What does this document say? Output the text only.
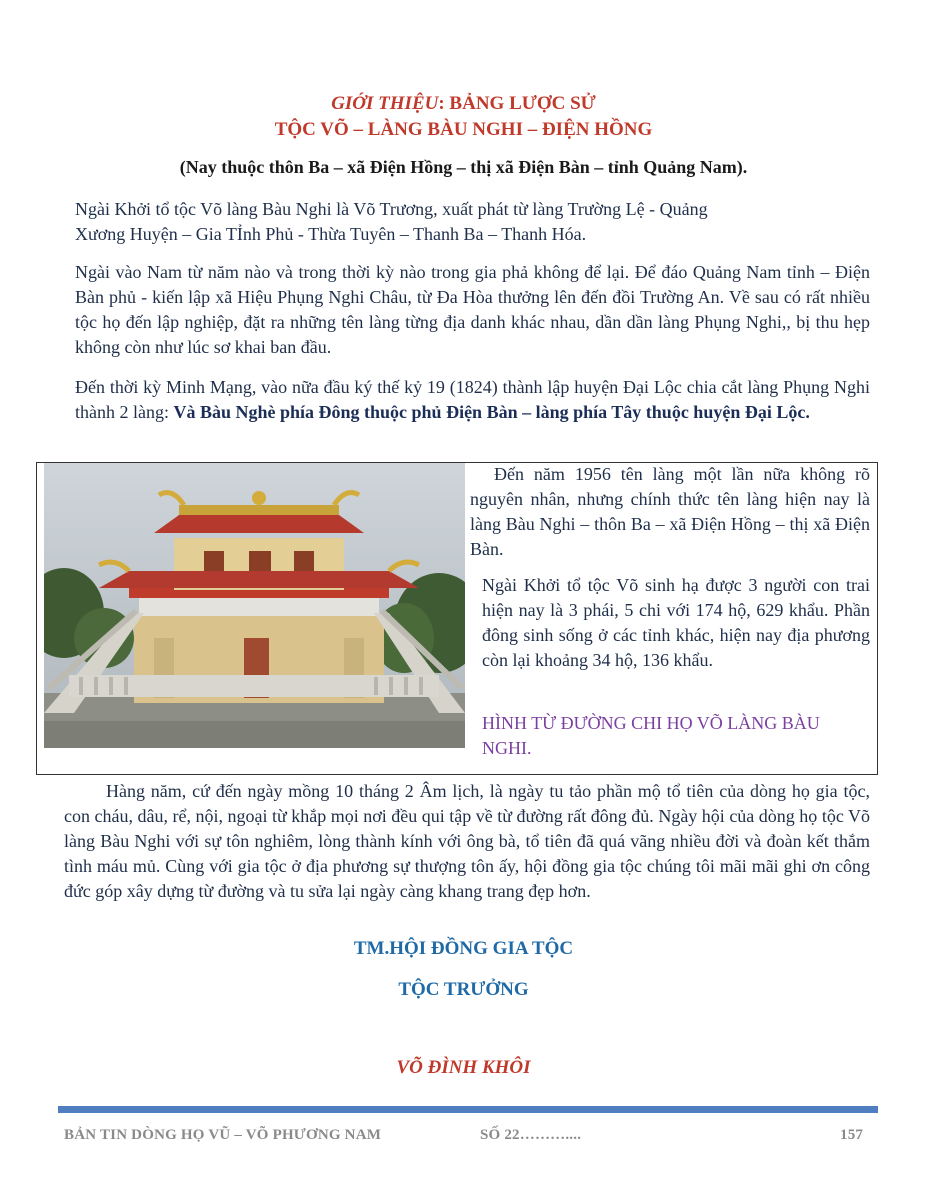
GIỚI THIỆU: BẢNG LƯỢC SỬ
TỘC VÕ – LÀNG BÀU NGHI – ĐIỆN HỒNG
(Nay thuộc thôn Ba – xã Điện Hồng – thị xã Điện Bàn – tỉnh Quảng Nam).
Ngài Khởi tổ tộc Võ làng Bàu Nghi là Võ Trương, xuất phát từ làng Trường Lệ - Quảng
Xương Huyện – Gia TỈnh Phủ - Thừa Tuyên – Thanh Ba – Thanh Hóa.
Ngài vào Nam từ năm nào và trong thời kỳ nào trong gia phả không để lại. Để đáo Quảng Nam tỉnh – Điện Bàn phủ - kiến lập xã Hiệu Phụng Nghi Châu, từ Đa Hòa thưởng lên đến đồi Trường An. Về sau có rất nhiều tộc họ đến lập nghiệp, đặt ra những tên làng từng địa danh khác nhau, dần dần làng Phụng Nghi,, bị thu hẹp không còn như lúc sơ khai ban đầu.
Đến thời kỳ Minh Mạng, vào nữa đầu ký thế kỷ 19 (1824) thành lập huyện Đại Lộc chia cắt làng Phụng Nghi thành 2 làng: Và Bàu Nghè phía Đông thuộc phủ Điện Bàn – làng phía Tây thuộc huyện Đại Lộc.
Đến năm 1956 tên làng một lần nữa không rõ nguyên nhân, nhưng chính thức tên làng hiện nay là làng Bàu Nghi – thôn Ba – xã Điện Hồng – thị xã Điện Bàn.
Ngài Khởi tổ tộc Võ sinh hạ được 3 người con trai hiện nay là 3 phái, 5 chi với 174 hộ, 629 khẩu. Phần đông sinh sống ở các tỉnh khác, hiện nay địa phương còn lại khoảng 34 hộ, 136 khẩu.
HÌNH TỪ ĐƯỜNG CHI HỌ VÕ LÀNG BÀU NGHI.
Hàng năm, cứ đến ngày mồng 10 tháng 2 Âm lịch, là ngày tu tảo phần mộ tổ tiên của dòng họ gia tộc, con cháu, dâu, rể, nội, ngoại từ khắp mọi nơi đều qui tập về từ đường rất đông đủ. Ngày hội của dòng họ tộc Võ làng Bàu Nghi với sự tôn nghiêm, lòng thành kính với ông bà, tổ tiên đã quá vãng nhiều đời và đoàn kết thắm tình máu mủ. Cùng với gia tộc ở địa phương sự thượng tôn ấy, hội đồng gia tộc chúng tôi mãi mãi ghi ơn công đức góp xây dựng từ đường và tu sửa lại ngày càng khang trang đẹp hơn.
TM.HỘI ĐỒNG GIA TỘC
TỘC TRƯỞNG
VÕ ĐÌNH KHÔI
BẢN TIN DÒNG HỌ VŨ – VÕ PHƯƠNG NAM	SỐ 22………....	157
